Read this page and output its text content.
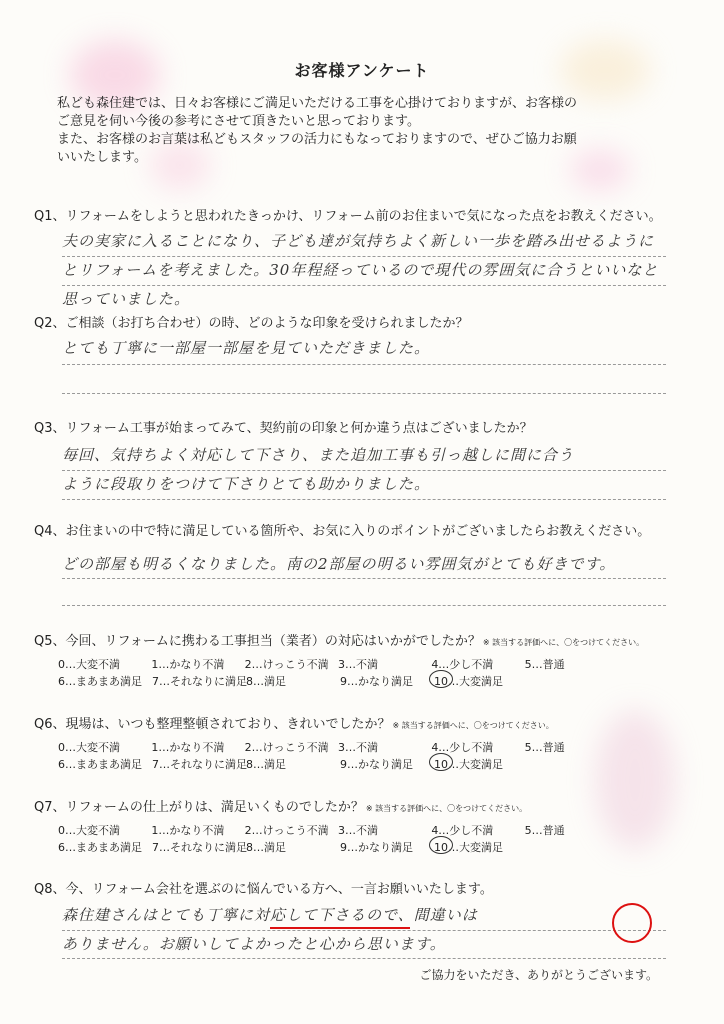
お客様アンケート
私ども森住建では、日々お客様にご満足いただける工事を心掛けておりますが、お客様の
ご意見を伺い今後の参考にさせて頂きたいと思っております。
また、お客様のお言葉は私どもスタッフの活力にもなっておりますので、ぜひご協力お願
いいたします。
Q1、リフォームをしようと思われたきっかけ、リフォーム前のお住まいで気になった点をお教えください。
夫の実家に入ることになり、子ども達が気持ちよく新しい一歩を踏み出せるように
とリフォームを考えました。30年程経っているので現代の雰囲気に合うといいなと
思っていました。
Q2、ご相談（お打ち合わせ）の時、どのような印象を受けられましたか？
とても丁寧に一部屋一部屋を見ていただきました。
Q3、リフォーム工事が始まってみて、契約前の印象と何か違う点はございましたか？
毎回、気持ちよく対応して下さり、また追加工事も引っ越しに間に合う
ように段取りをつけて下さりとても助かりました。
Q4、お住まいの中で特に満足している箇所や、お気に入りのポイントがございましたらお教えください。
どの部屋も明るくなりました。南の2部屋の明るい雰囲気がとても好きです。
Q5、今回、リフォームに携わる工事担当（業者）の対応はいかがでしたか？ ※ 該当する評価へに、〇をつけてください。
0…大変不満	1…かなり不満	2…けっこう不満 3…不満	4…少し不満	5…普通
6…まあまあ満足 7…それなりに満足 8…満足	9…かなり満足	10…大変満足
Q6、現場は、いつも整理整頓されており、きれいでしたか？ ※ 該当する評価へに、〇をつけてください。
0…大変不満	1…かなり不満	2…けっこう不満 3…不満	4…少し不満	5…普通
6…まあまあ満足 7…それなりに満足 8…満足	9…かなり満足	10…大変満足
Q7、リフォームの仕上がりは、満足いくものでしたか？ ※ 該当する評価へに、〇をつけてください。
0…大変不満	1…かなり不満	2…けっこう不満 3…不満	4…少し不満	5…普通
6…まあまあ満足 7…それなりに満足 8…満足	9…かなり満足	10…大変満足
Q8、今、リフォーム会社を選ぶのに悩んでいる方へ、一言お願いいたします。
森住建さんはとても丁寧に対応して下さるので、間違いは
ありません。お願いしてよかったと心から思います。
ご協力をいただき、ありがとうございます。
